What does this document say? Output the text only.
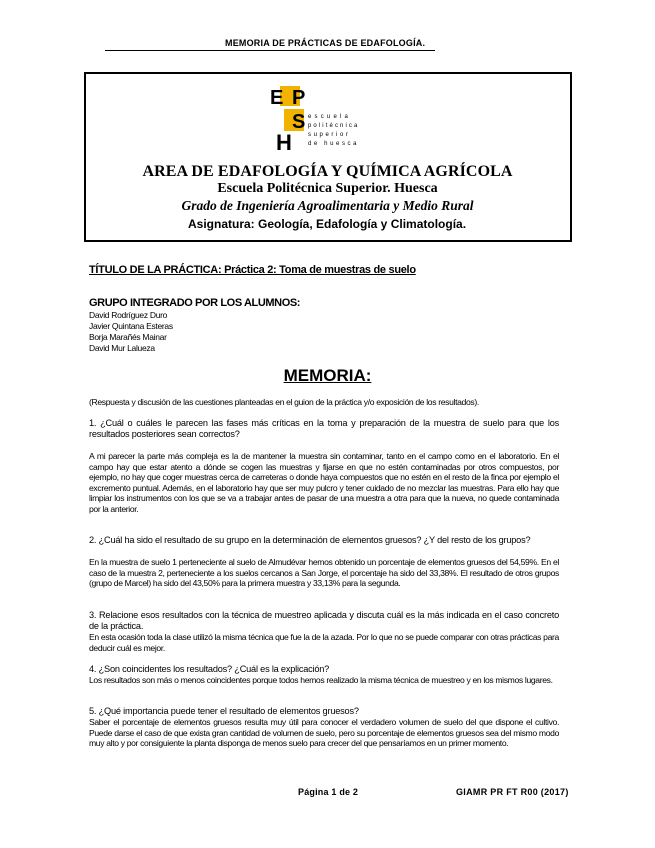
MEMORIA DE PRÁCTICAS DE EDAFOLOGÍA.
E P
S
H
escuela
politécnica
superior
de huesca
AREA DE EDAFOLOGÍA Y QUÍMICA AGRÍCOLA
Escuela Politécnica Superior. Huesca
Grado de Ingeniería Agroalimentaria y Medio Rural
Asignatura: Geología, Edafología y Climatología.
TÍTULO DE LA PRÁCTICA: Práctica 2: Toma de muestras de suelo
GRUPO INTEGRADO POR LOS ALUMNOS:
David Rodríguez Duro
Javier Quintana Esteras
Borja Marañés Mainar
David Mur Lalueza
MEMORIA:
(Respuesta y discusión de las cuestiones planteadas en el guion de la práctica y/o exposición de los resultados).
1. ¿Cuál o cuáles le parecen las fases más críticas en la toma y preparación de la muestra de suelo para que los resultados posteriores sean correctos?
A mi parecer la parte más compleja es la de mantener la muestra sin contaminar, tanto en el campo como en el laboratorio. En el campo hay que estar atento a dónde se cogen las muestras y fijarse en que no estén contaminadas por otros compuestos, por ejemplo, no hay que coger muestras cerca de carreteras o donde haya compuestos que no estén en el resto de la finca por ejemplo el excremento puntual. Además, en el laboratorio hay que ser muy pulcro y tener cuidado de no mezclar las muestras. Para ello hay que limpiar los instrumentos con los que se va a trabajar antes de pasar de una muestra a otra para que la nueva, no quede contaminada por la anterior.
2. ¿Cuál ha sido el resultado de su grupo en la determinación de elementos gruesos? ¿Y del resto de los grupos?
En la muestra de suelo 1 perteneciente al suelo de Almudévar hemos obtenido un porcentaje de elementos gruesos del 54,59%. En el caso de la muestra 2, perteneciente a los suelos cercanos a San Jorge, el porcentaje ha sido del 33,38%. El resultado de otros grupos (grupo de Marcel) ha sido del 43,50% para la primera muestra y 33,13% para la segunda.
3. Relacione esos resultados con la técnica de muestreo aplicada y discuta cuál es la más indicada en el caso concreto de la práctica.
En esta ocasión toda la clase utilizó la misma técnica que fue la de la azada. Por lo que no se puede comparar con otras prácticas para deducir cuál es mejor.
4. ¿Son coincidentes los resultados? ¿Cuál es la explicación?
Los resultados son más o menos coincidentes porque todos hemos realizado la misma técnica de muestreo y en los mismos lugares.
5. ¿Qué importancia puede tener el resultado de elementos gruesos?
Saber el porcentaje de elementos gruesos resulta muy útil para conocer el verdadero volumen de suelo del que dispone el cultivo. Puede darse el caso de que exista gran cantidad de volumen de suelo, pero su porcentaje de elementos gruesos sea del mismo modo muy alto y por consiguiente la planta disponga de menos suelo para crecer del que pensaríamos en un primer momento.
Página 1 de 2	GIAMR PR FT R00 (2017)
